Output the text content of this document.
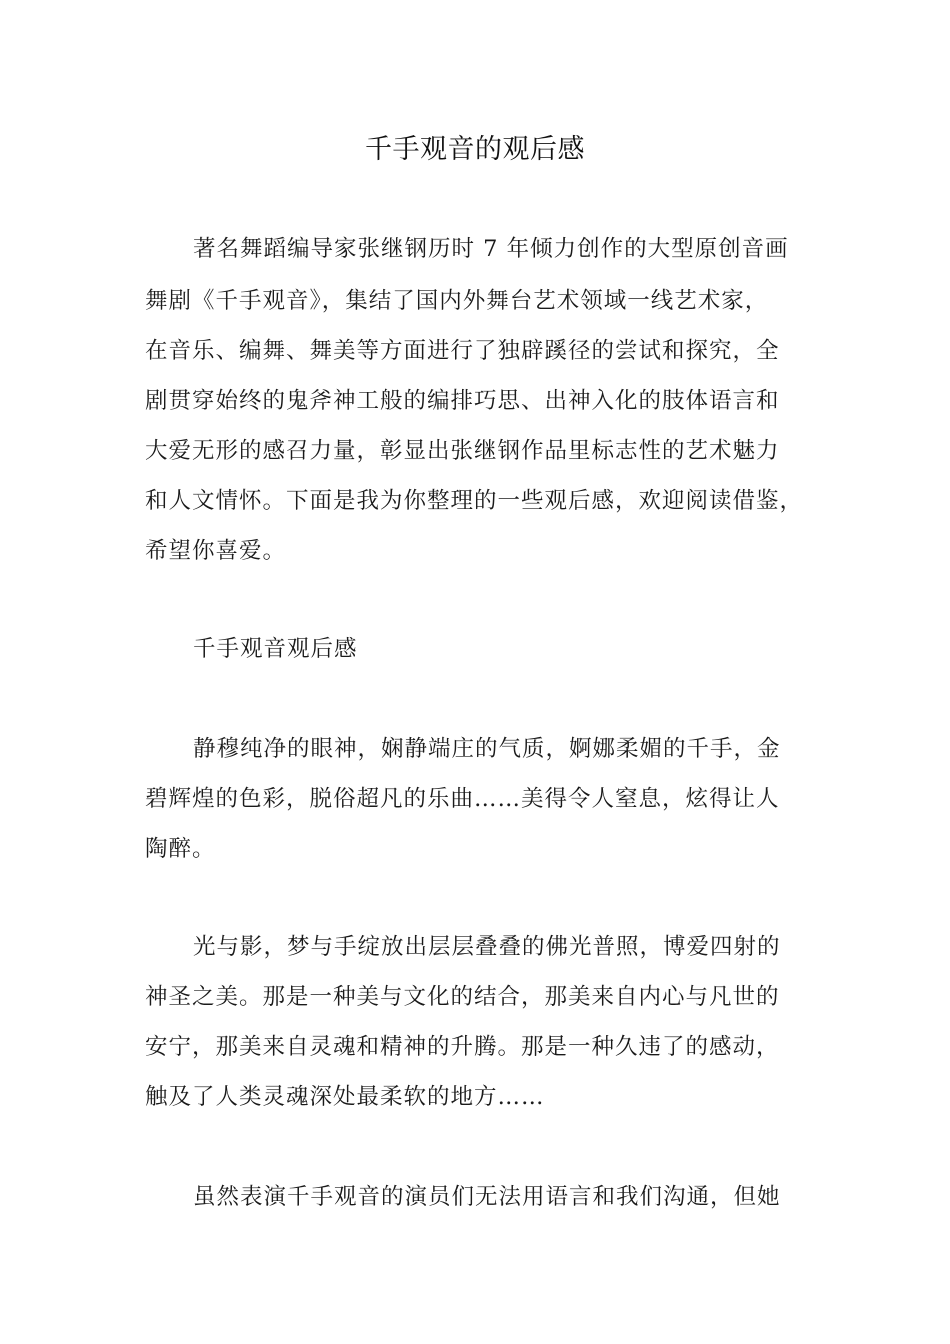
千手观音的观后感
著名舞蹈编导家张继钢历时 7 年倾力创作的大型原创音画
舞剧《千手观音》，集结了国内外舞台艺术领域一线艺术家，
在音乐、编舞、舞美等方面进行了独辟蹊径的尝试和探究，全
剧贯穿始终的鬼斧神工般的编排巧思、出神入化的肢体语言和
大爱无形的感召力量，彰显出张继钢作品里标志性的艺术魅力
和人文情怀。下面是我为你整理的一些观后感，欢迎阅读借鉴，
希望你喜爱。
千手观音观后感
静穆纯净的眼神，娴静端庄的气质，婀娜柔媚的千手，金
碧辉煌的色彩，脱俗超凡的乐曲……美得令人窒息，炫得让人
陶醉。
光与影，梦与手绽放出层层叠叠的佛光普照，博爱四射的
神圣之美。那是一种美与文化的结合，那美来自内心与凡世的
安宁，那美来自灵魂和精神的升腾。那是一种久违了的感动，
触及了人类灵魂深处最柔软的地方……
虽然表演千手观音的演员们无法用语言和我们沟通，但她
